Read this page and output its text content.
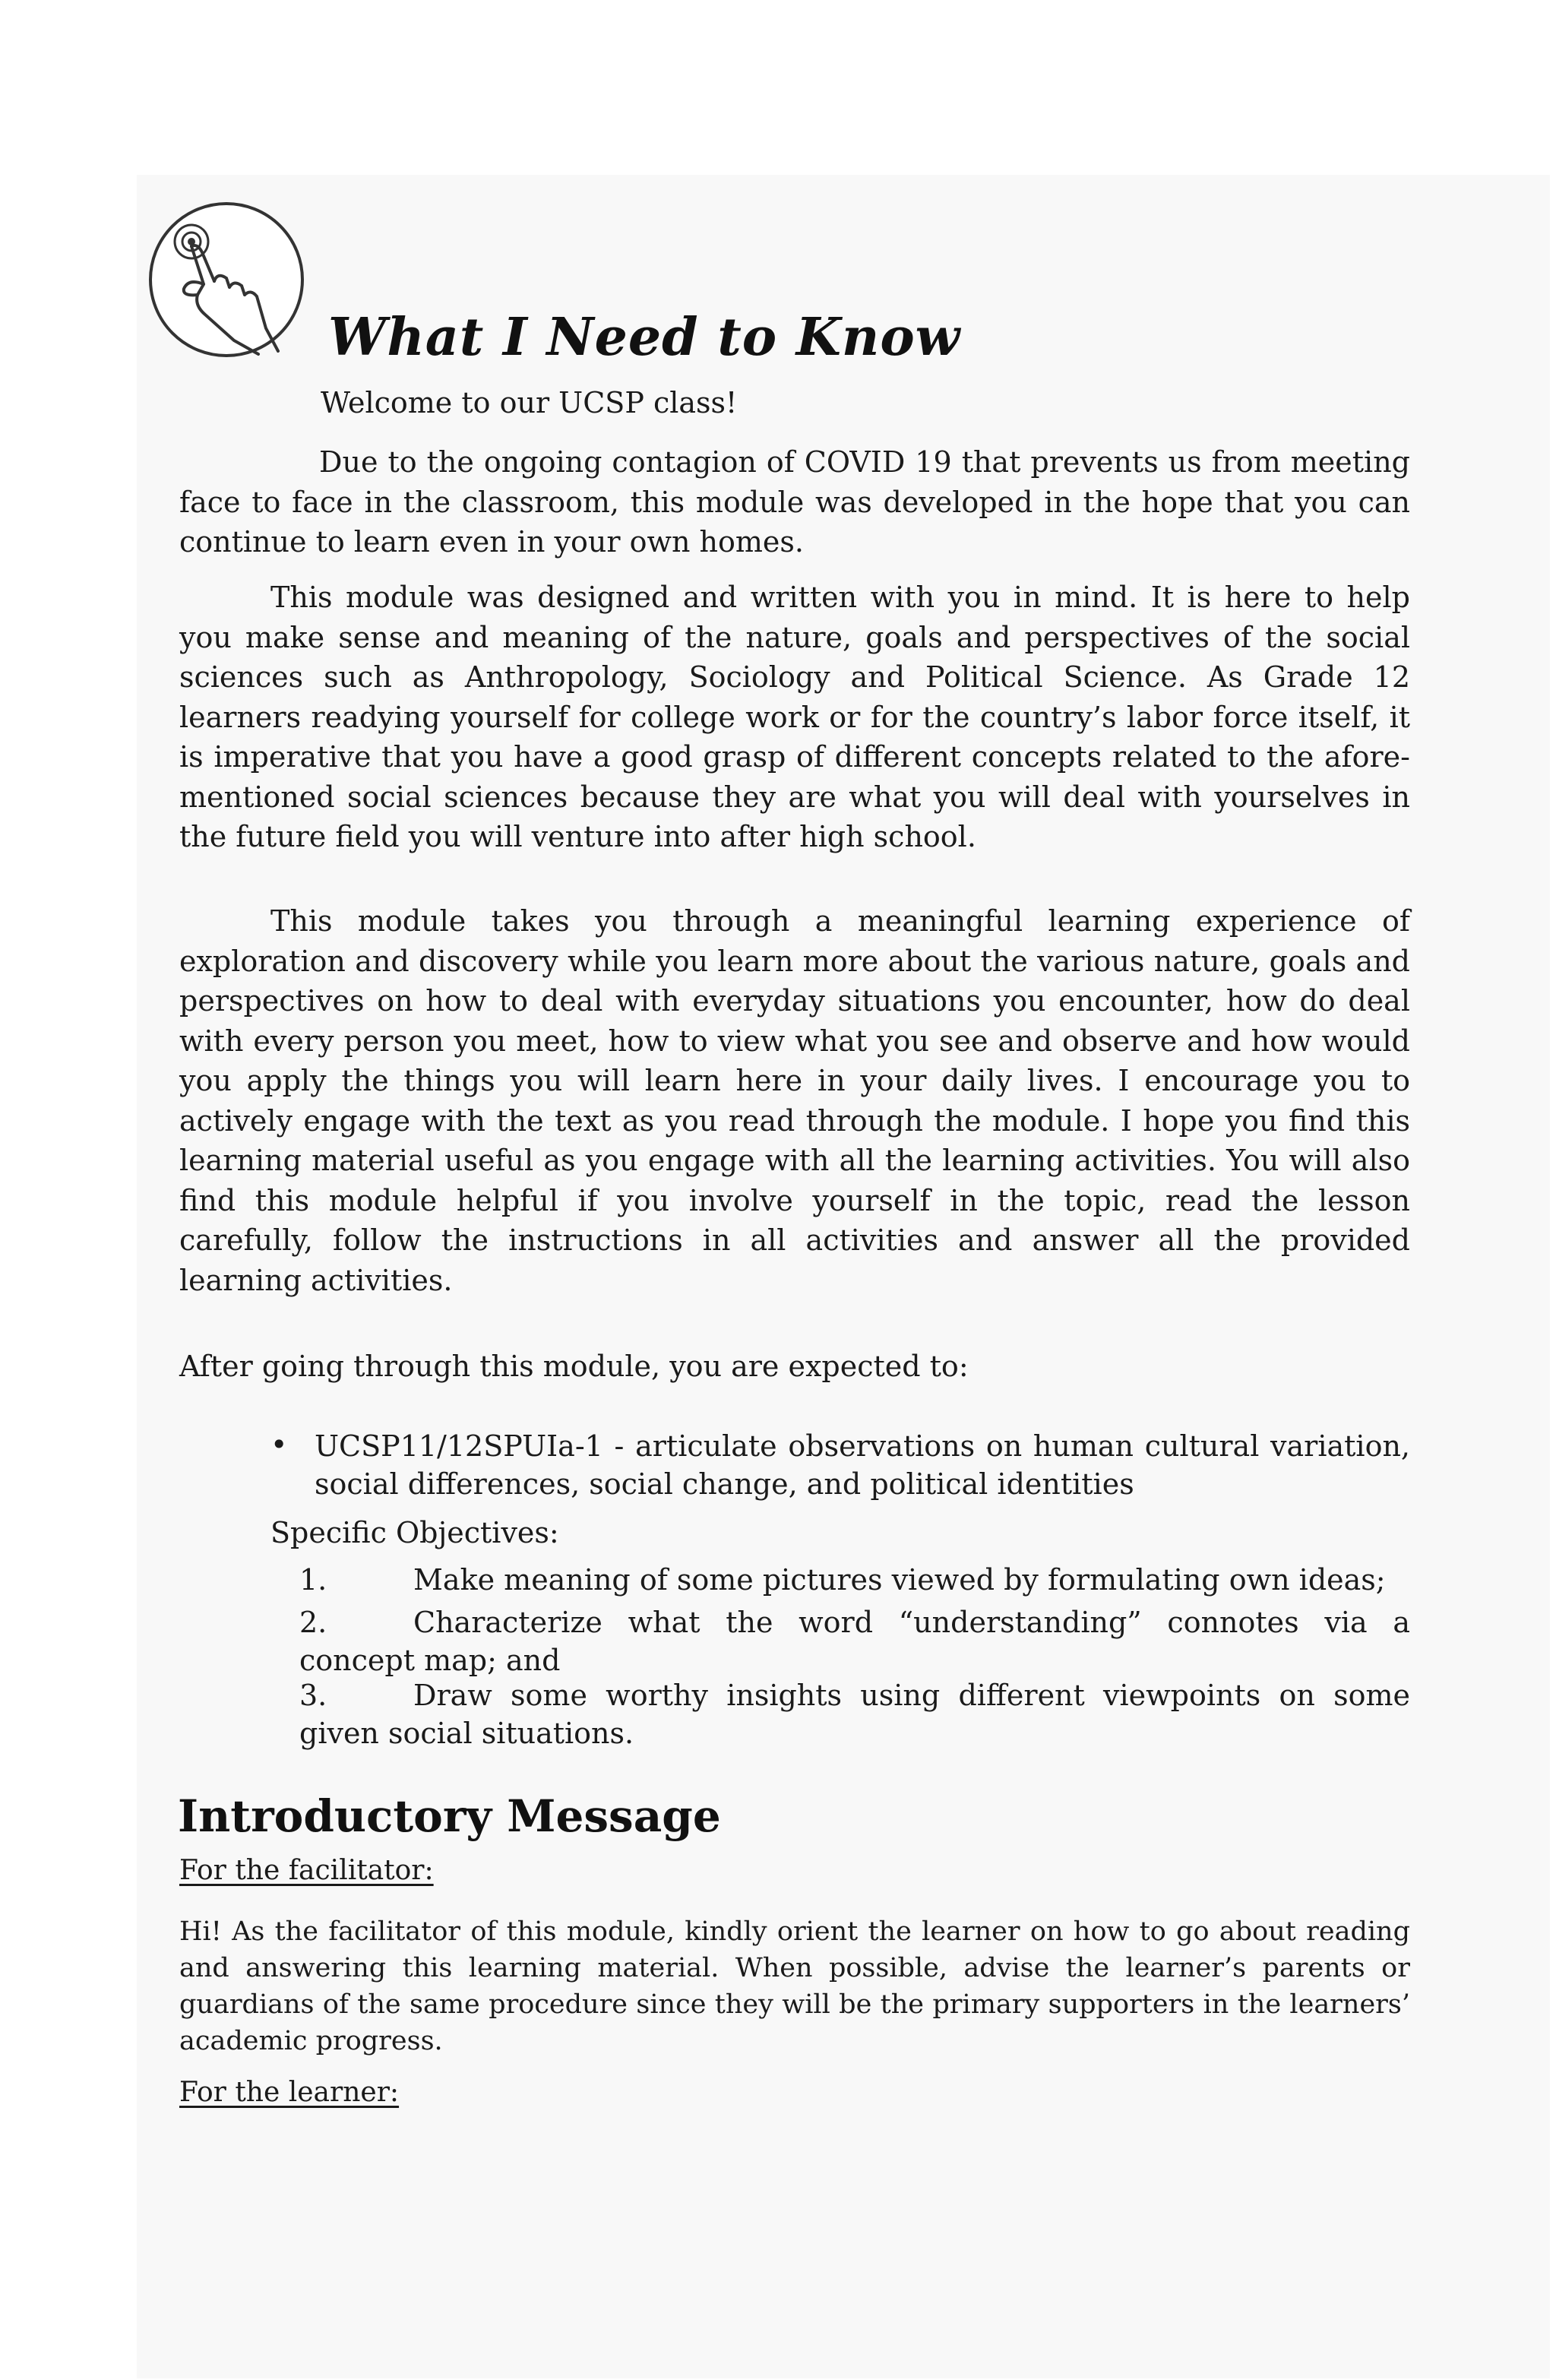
What I Need to Know

Welcome to our UCSP class!

Due to the ongoing contagion of COVID 19 that prevents us from meeting face to face in the classroom, this module was developed in the hope that you can continue to learn even in your own homes.

This module was designed and written with you in mind. It is here to help you make sense and meaning of the nature, goals and perspectives of the social sciences such as Anthropology, Sociology and Political Science. As Grade 12 learners readying yourself for college work or for the country’s labor force itself, it is imperative that you have a good grasp of different concepts related to the afore-mentioned social sciences because they are what you will deal with yourselves in the future field you will venture into after high school.

This module takes you through a meaningful learning experience of exploration and discovery while you learn more about the various nature, goals and perspectives on how to deal with everyday situations you encounter, how do deal with every person you meet, how to view what you see and observe and how would you apply the things you will learn here in your daily lives. I encourage you to actively engage with the text as you read through the module. I hope you find this learning material useful as you engage with all the learning activities. You will also find this module helpful if you involve yourself in the topic, read the lesson carefully, follow the instructions in all activities and answer all the provided learning activities.

After going through this module, you are expected to:

• UCSP11/12SPUIa-1 - articulate observations on human cultural variation, social differences, social change, and political identities

Specific Objectives:

1.	Make meaning of some pictures viewed by formulating own ideas;

2.	Characterize what the word “understanding” connotes via a concept map; and

3.	Draw some worthy insights using different viewpoints on some given social situations.

Introductory Message

For the facilitator:

Hi! As the facilitator of this module, kindly orient the learner on how to go about reading and answering this learning material. When possible, advise the learner’s parents or guardians of the same procedure since they will be the primary supporters in the learners’ academic progress.

For the learner:
